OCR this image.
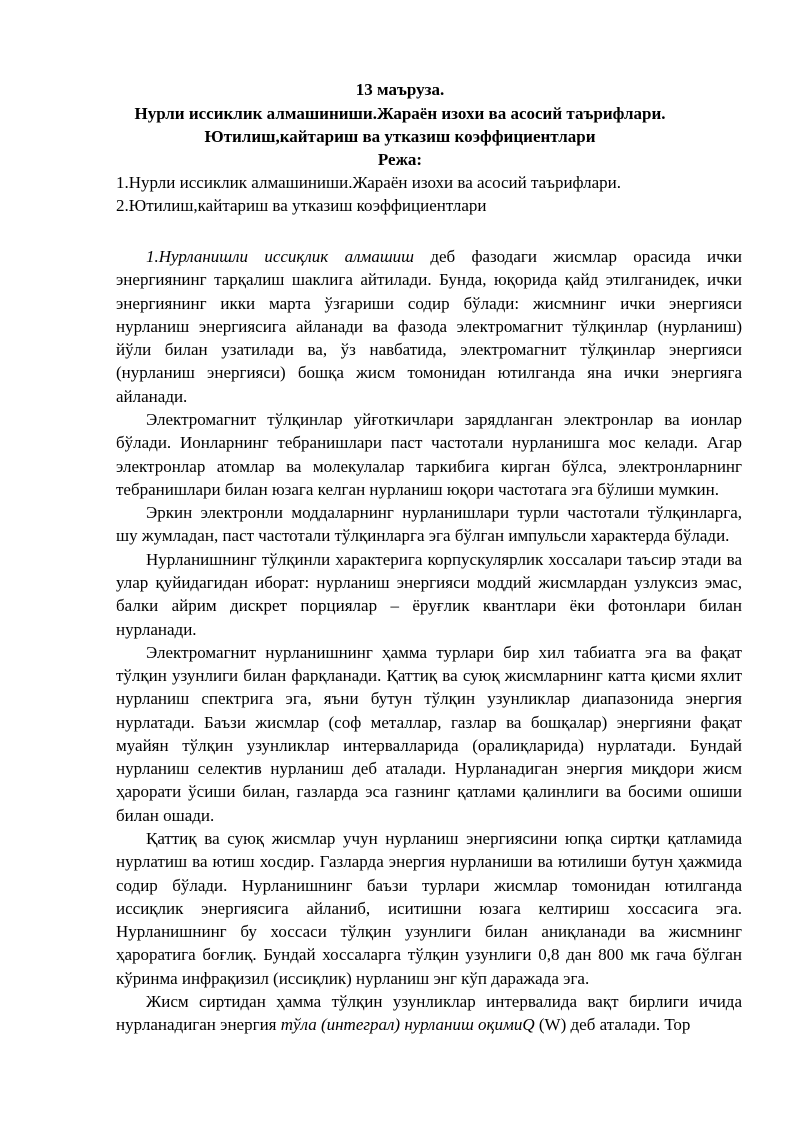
13 маъруза.
Нурли иссиклик алмашиниши.Жараён изохи ва асосий таърифлари.
Ютилиш,кайтариш ва утказиш коэффициентлари
Режа:
1.Нурли иссиклик алмашиниши.Жараён изохи ва асосий таърифлари.
2.Ютилиш,кайтариш ва утказиш коэффициентлари

1.Нурланишли иссиқлик алмашиш деб фазодаги жисмлар орасида ички энергиянинг тарқалиш шаклига айтилади. Бунда, юқорида қайд этилганидек, ички энергиянинг икки марта ўзгариши содир бўлади: жисмнинг ички энергияси нурланиш энергиясига айланади ва фазода электромагнит тўлқинлар (нурланиш) йўли билан узатилади ва, ўз навбатида, электромагнит тўлқинлар энергияси (нурланиш энергияси) бошқа жисм томонидан ютилганда яна ички энергияга айланади.

Электромагнит тўлқинлар уйғоткичлари зарядланган электронлар ва ионлар бўлади. Ионларнинг тебранишлари паст частотали нурланишга мос келади. Агар электронлар атомлар ва молекулалар таркибига кирган бўлса, электронларнинг тебранишлари билан юзага келган нурланиш юқори частотага эга бўлиши мумкин.

Эркин электронли моддаларнинг нурланишлари турли частотали тўлқинларга, шу жумладан, паст частотали тўлқинларга эга бўлган импульсли характерда бўлади.

Нурланишнинг тўлқинли характерига корпускулярлик хоссалари таъсир этади ва улар қуйидагидан иборат: нурланиш энергияси моддий жисмлардан узлуксиз эмас, балки айрим дискрет порциялар – ёруғлик квантлари ёки фотонлари билан нурланади.

Электромагнит нурланишнинг ҳамма турлари бир хил табиатга эга ва фақат тўлқин узунлиги билан фарқланади. Қаттиқ ва суюқ жисмларнинг катта қисми яхлит нурланиш спектрига эга, яъни бутун тўлқин узунликлар диапазонида энергия нурлатади. Баъзи жисмлар (соф металлар, газлар ва бошқалар) энергияни фақат муайян тўлқин узунликлар интервалларида (оралиқларида) нурлатади. Бундай нурланиш селектив нурланиш деб аталади. Нурланадиган энергия миқдори жисм ҳарорати ўсиши билан, газларда эса газнинг қатлами қалинлиги ва босими ошиши билан ошади.

Қаттиқ ва суюқ жисмлар учун нурланиш энергиясини юпқа сиртқи қатламида нурлатиш ва ютиш хосдир. Газларда энергия нурланиши ва ютилиши бутун ҳажмида содир бўлади. Нурланишнинг баъзи турлари жисмлар томонидан ютилганда иссиқлик энергиясига айланиб, иситишни юзага келтириш хоссасига эга. Нурланишнинг бу хоссаси тўлқин узунлиги билан аниқланади ва жисмнинг ҳароратига боғлиқ. Бундай хоссаларга тўлқин узунлиги 0,8 дан 800 мк гача бўлган кўринма инфрақизил (иссиқлик) нурланиш энг кўп даражада эга.

Жисм сиртидан ҳамма тўлқин узунликлар интервалида вақт бирлиги ичида нурланадиган энергия тўла (интеграл) нурланиш оқимиQ (W) деб аталади. Тор
